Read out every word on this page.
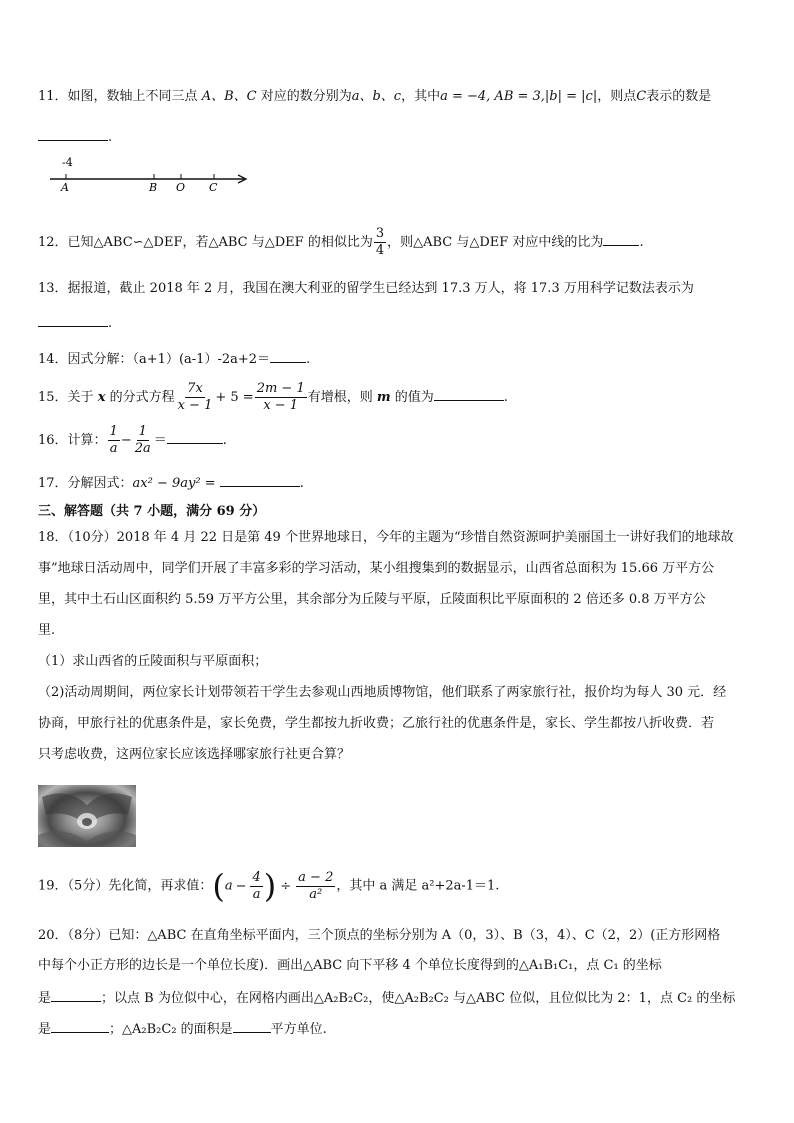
11．如图，数轴上不同三点 A、B、C 对应的数分别为a、b、c，其中a = −4, AB = 3,|b| = |c|，则点C表示的数是
.
-4
A	B O C
12．已知△ABC∽△DEF，若△ABC 与△DEF 的相似比为 $\frac{3}{4}$ ，则△ABC 与△DEF 对应中线的比为	.
13．据报道，截止 2018 年 2 月，我国在澳大利亚的留学生已经达到 17.3 万人，将 17.3 万用科学记数法表示为
.
14．因式分解：（a+1）(a-1）-2a+2＝	.
15．关于 x 的分式方程 $\frac{7x}{x - 1} + 5 = \frac{2m - 1}{x - 1}$ 有增根，则 m 的值为	.
16．计算： $\frac{1}{a} - \frac{1}{2a}$ ＝	.
17．分解因式：ax² − 9ay² =	.
三、解答题（共 7 小题，满分 69 分）
18．（10分）2018 年 4 月 22 日是第 49 个世界地球日，今年的主题为“珍惜自然资源呵护美丽国土一讲好我们的地球故
事”地球日活动周中，同学们开展了丰富多彩的学习活动，某小组搜集到的数据显示，山西省总面积为 15.66 万平方公
里，其中土石山区面积约 5.59 万平方公里，其余部分为丘陵与平原，丘陵面积比平原面积的 2 倍还多 0.8 万平方公
里.
（1）求山西省的丘陵面积与平原面积；
（2)活动周期间，两位家长计划带领若干学生去参观山西地质博物馆，他们联系了两家旅行社，报价均为每人 30 元．经
协商，甲旅行社的优惠条件是，家长免费，学生都按九折收费；乙旅行社的优惠条件是，家长、学生都按八折收费．若
只考虑收费，这两位家长应该选择哪家旅行社更合算？
19．（5分）先化简，再求值：($a - \frac{4}{a}$ ) ÷ $\frac{a - 2}{\text{a²}}$ ，其中 a 满足 a²+2a-1＝1.
20．（8分）已知：△ABC 在直角坐标平面内，三个顶点的坐标分别为 A（0，3）、B（3，4）、C（2，2）(正方形网格
中每个小正方形的边长是一个单位长度)．画出△ABC 向下平移 4 个单位长度得到的△A₁B₁C₁，点 C₁ 的坐标
是	；以点 B 为位似中心，在网格内画出△A₂B₂C₂，使△A₂B₂C₂ 与△ABC 位似，且位似比为 2：1，点 C₂ 的坐标
是	；△A₂B₂C₂ 的面积是	平方单位.
